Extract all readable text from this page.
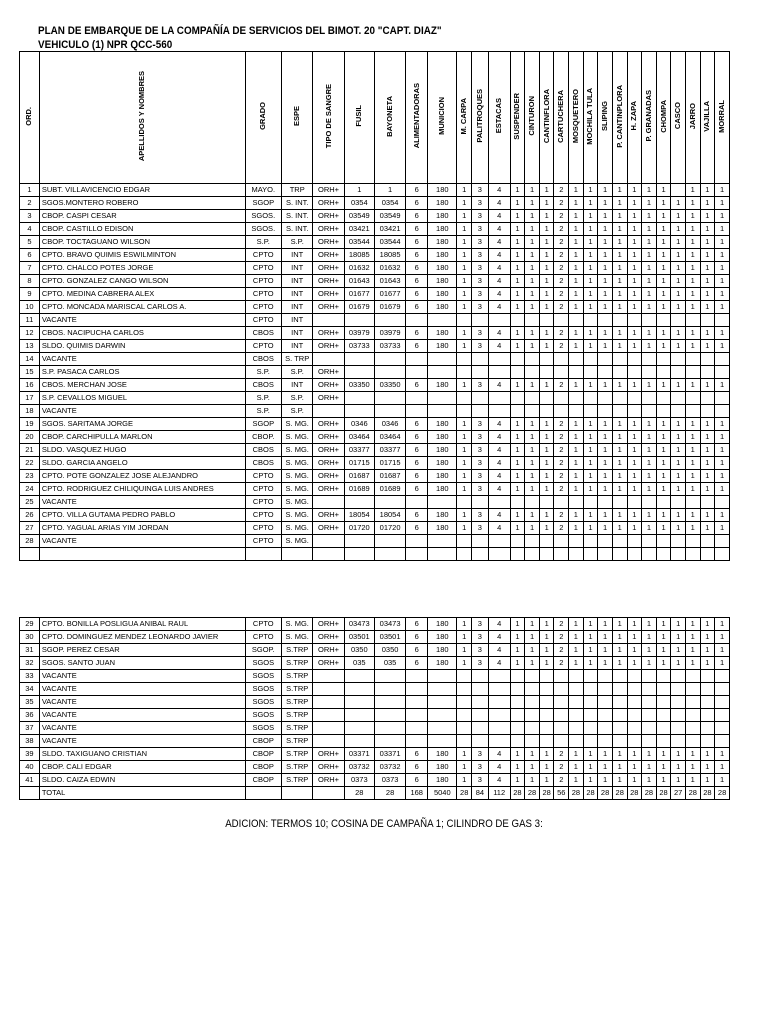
PLAN DE EMBARQUE DE LA COMPAÑÍA DE SERVICIOS DEL BIMOT. 20 "CAPT. DIAZ"
VEHICULO (1) NPR QCC-560
ORD.	APELLIDOS Y NOMBRES	GRADO	ESPE	TIPO DE SANGRE	FUSIL	BAYONETA	ALIMENTADORAS	MUNICION	M. CARPA	PALITROQUES	ESTACAS	SUSPENDER	CINTURON	CANTINFLORA	CARTUCHERA	MOSQUETERO	MOCHILA TULA	SLIPING	P. CANTINPLORA	H. ZAPA	P. GRANADAS	CHOMPA	CASCO	JARRO	VAJILLA	MORRAL
1	SUBT. VILLAVICENCIO EDGAR	MAYO.	TRP	ORH+	1	1	6	180	1	3	4	1	1	1	2	1	1	1	1	1	1	1		1	1	1
2	SGOS.MONTERO ROBERO	SGOP	S. INT.	ORH+	0354	0354	6	180	1	3	4	1	1	1	2	1	1	1	1	1	1	1	1	1	1	1
3	CBOP. CASPI CESAR	SGOS.	S. INT.	ORH+	03549	03549	6	180	1	3	4	1	1	1	2	1	1	1	1	1	1	1	1	1	1	1
4	CBOP. CASTILLO EDISON	SGOS.	S. INT.	ORH+	03421	03421	6	180	1	3	4	1	1	1	2	1	1	1	1	1	1	1	1	1	1	1
5	CBOP. TOCTAGUANO WILSON	S.P.	S.P.	ORH+	03544	03544	6	180	1	3	4	1	1	1	2	1	1	1	1	1	1	1	1	1	1	1
6	CPTO. BRAVO QUIMIS ESWILMINTON	CPTO	INT	ORH+	18085	18085	6	180	1	3	4	1	1	1	2	1	1	1	1	1	1	1	1	1	1	1
7	CPTO. CHALCO POTES JORGE	CPTO	INT	ORH+	01632	01632	6	180	1	3	4	1	1	1	2	1	1	1	1	1	1	1	1	1	1	1
8	CPTO. GONZALEZ CANGO WILSON	CPTO	INT	ORH+	01643	01643	6	180	1	3	4	1	1	1	2	1	1	1	1	1	1	1	1	1	1	1
9	CPTO. MEDINA CABRERA ALEX	CPTO	INT	ORH+	01677	01677	6	180	1	3	4	1	1	1	2	1	1	1	1	1	1	1	1	1	1	1
10	CPTO. MONCADA MARISCAL CARLOS A.	CPTO	INT	ORH+	01679	01679	6	180	1	3	4	1	1	1	2	1	1	1	1	1	1	1	1	1	1	1
11	VACANTE	CPTO	INT																							
12	CBOS. NACIPUCHA CARLOS	CBOS	INT	ORH+	03979	03979	6	180	1	3	4	1	1	1	2	1	1	1	1	1	1	1	1	1	1	1
13	SLDO. QUIMIS DARWIN	CPTO	INT	ORH+	03733	03733	6	180	1	3	4	1	1	1	2	1	1	1	1	1	1	1	1	1	1	1
14	VACANTE	CBOS	S. TRP																							
15	S.P. PASACA CARLOS	S.P.	S.P.	ORH+																						
16	CBOS. MERCHAN JOSE	CBOS	INT	ORH+	03350	03350	6	180	1	3	4	1	1	1	2	1	1	1	1	1	1	1	1	1	1	1
17	S.P. CEVALLOS MIGUEL	S.P.	S.P.	ORH+																						
18	VACANTE	S.P.	S.P.																							
19	SGOS. SARITAMA JORGE	SGOP	S. MG.	ORH+	0346	0346	6	180	1	3	4	1	1	1	2	1	1	1	1	1	1	1	1	1	1	1
20	CBOP. CARCHIPULLA MARLON	CBOP.	S. MG.	ORH+	03464	03464	6	180	1	3	4	1	1	1	2	1	1	1	1	1	1	1	1	1	1	1
21	SLDO. VASQUEZ HUGO	CBOS	S. MG.	ORH+	03377	03377	6	180	1	3	4	1	1	1	2	1	1	1	1	1	1	1	1	1	1	1
22	SLDO. GARCIA ANGELO	CBOS	S. MG.	ORH+	01715	01715	6	180	1	3	4	1	1	1	2	1	1	1	1	1	1	1	1	1	1	1
23	CPTO. POTE GONZALEZ JOSE ALEJANDRO	CPTO	S. MG.	ORH+	01687	01687	6	180	1	3	4	1	1	1	2	1	1	1	1	1	1	1	1	1	1	1
24	CPTO. RODRIGUEZ CHILIQUINGA LUIS ANDRES	CPTO	S. MG.	ORH+	01689	01689	6	180	1	3	4	1	1	1	2	1	1	1	1	1	1	1	1	1	1	1
25	VACANTE	CPTO	S. MG.																							
26	CPTO. VILLA GUTAMA PEDRO PABLO	CPTO	S. MG.	ORH+	18054	18054	6	180	1	3	4	1	1	1	2	1	1	1	1	1	1	1	1	1	1	1
27	CPTO. YAGUAL ARIAS YIM JORDAN	CPTO	S. MG.	ORH+	01720	01720	6	180	1	3	4	1	1	1	2	1	1	1	1	1	1	1	1	1	1	1
28	VACANTE	CPTO	S. MG.																							

29	CPTO. BONILLA POSLIGUA ANIBAL RAUL	CPTO	S. MG.	ORH+	03473	03473	6	180	1	3	4	1	1	1	2	1	1	1	1	1	1	1	1	1	1	1
30	CPTO. DOMINGUEZ MENDEZ LEONARDO JAVIER	CPTO	S. MG.	ORH+	03501	03501	6	180	1	3	4	1	1	1	2	1	1	1	1	1	1	1	1	1	1	1
31	SGOP. PEREZ CESAR	SGOP.	S.TRP	ORH+	0350	0350	6	180	1	3	4	1	1	1	2	1	1	1	1	1	1	1	1	1	1	1
32	SGOS. SANTO JUAN	SGOS	S.TRP	ORH+	035	035	6	180	1	3	4	1	1	1	2	1	1	1	1	1	1	1	1	1	1	1
33	VACANTE	SGOS	S.TRP																							
34	VACANTE	SGOS	S.TRP																							
35	VACANTE	SGOS	S.TRP																							
36	VACANTE	SGOS	S.TRP																							
37	VACANTE	SGOS	S.TRP																							
38	VACANTE	CBOP	S.TRP																							
39	SLDO. TAXIGUANO CRISTIAN	CBOP	S.TRP	ORH+	03371	03371	6	180	1	3	4	1	1	1	2	1	1	1	1	1	1	1	1	1	1	1
40	CBOP. CALI EDGAR	CBOP	S.TRP	ORH+	03732	03732	6	180	1	3	4	1	1	1	2	1	1	1	1	1	1	1	1	1	1	1
41	SLDO. CAIZA EDWIN	CBOP	S.TRP	ORH+	0373	0373	6	180	1	3	4	1	1	1	2	1	1	1	1	1	1	1	1	1	1	1
	TOTAL				28	28	168	5040	28	84	112	28	28	28	56	28	28	28	28	28	28	28	27	28	28	28
ADICION: TERMOS 10; COSINA DE CAMPAÑA 1; CILINDRO DE GAS 3:
